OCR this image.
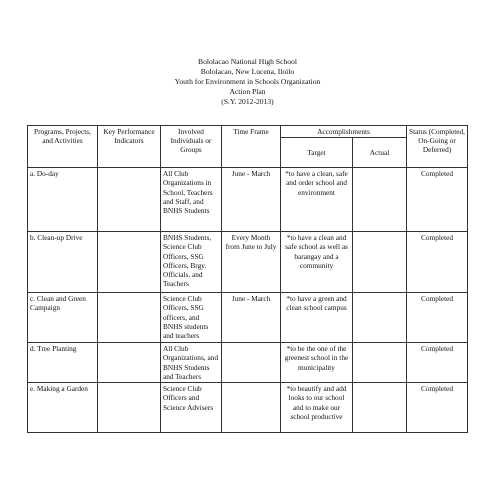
Bololacao National High School
Bololacao, New Lucena, Iloilo
Youth for Environment in Schools Organization
Action Plan
(S.Y. 2012-2013)
Programs, Projects, and Activities	Key Performance Indicators	Involved Individuals or Groups	Time Frame	Accomplishments		Status (Completed, On-Going or Deferred)
				Target	Actual	
a. Do-day		All Club Organizations in School, Teachers and Staff, and BNHS Students	June - March	*to have a clean, safe and order school and environment		Completed
b. Clean-up Drive		BNHS Students, Science Club Officers, SSG Officers, Brgy. Officials, and Teachers	Every Month from June to July	*to have a clean and safe school as well as barangay and a community		Completed
c. Clean and Green Campaign		Science Club Officers, SSG officers, and BNHS students and teachers	June - March	*to have a green and clean school campus		Completed
d. Tree Planting		All Club Organizations, and BNHS Students and Teachers		*to be the one of the greenest school in the municipality		Completed
e. Making a Garden		Science Club Officers and Science Advisers		*to beautify and add looks to our school and to make our school productive		Completed
